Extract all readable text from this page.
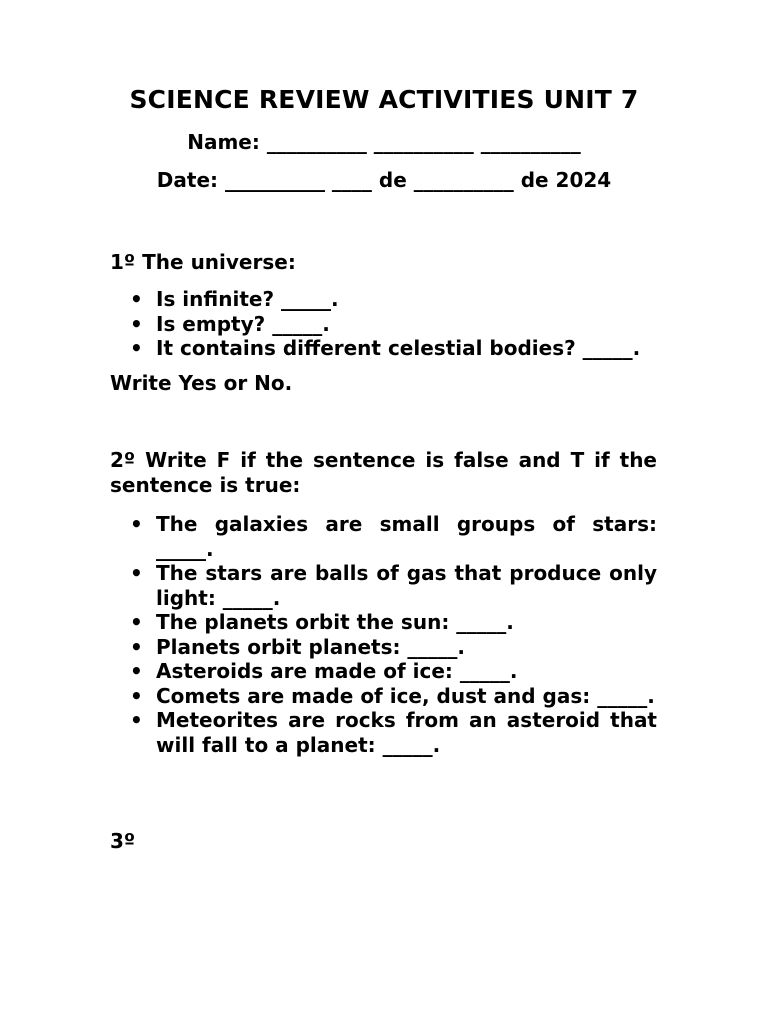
SCIENCE REVIEW ACTIVITIES UNIT 7
Name: __________ __________ __________
Date: __________ ____ de __________ de 2024
1º The universe:
• Is infinite? _____.
• Is empty? _____.
• It contains different celestial bodies? _____.
Write Yes or No.
2º Write F if the sentence is false and T if the sentence is true:
• The galaxies are small groups of stars: _____.
• The stars are balls of gas that produce only light: _____.
• The planets orbit the sun: _____.
• Planets orbit planets: _____.
• Asteroids are made of ice: _____.
• Comets are made of ice, dust and gas: _____.
• Meteorites are rocks from an asteroid that will fall to a planet: _____.
3º
